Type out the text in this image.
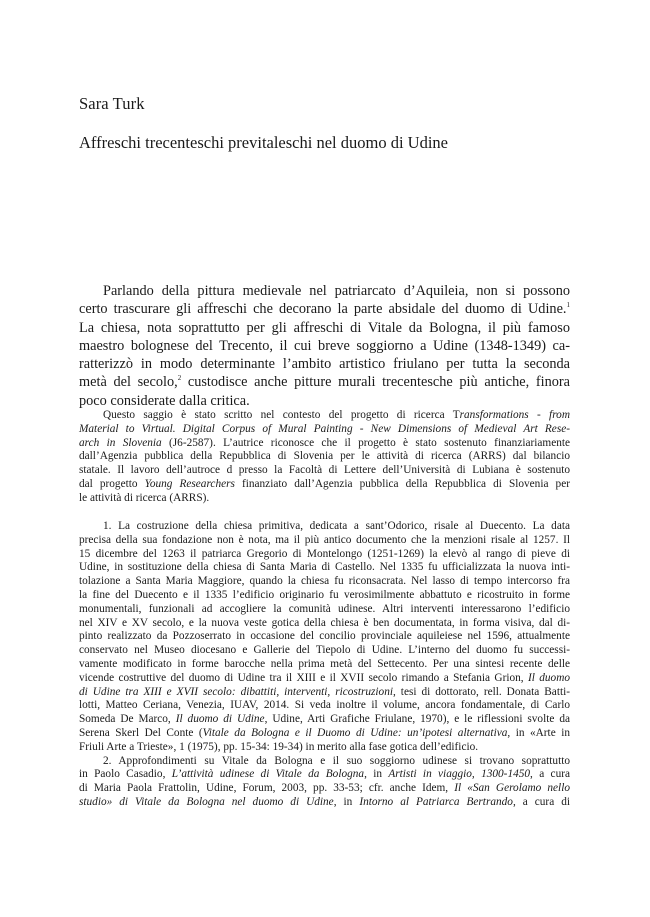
Sara Turk
Affreschi trecenteschi previtaleschi nel duomo di Udine
Parlando della pittura medievale nel patriarcato d’Aquileia, non si possono
certo trascurare gli affreschi che decorano la parte absidale del duomo di Udine.$^1$
La chiesa, nota soprattutto per gli affreschi di Vitale da Bologna, il più famoso
maestro bolognese del Trecento, il cui breve soggiorno a Udine (1348-1349) ca-
ratterizzò in modo determinante l’ambito artistico friulano per tutta la seconda
metà del secolo,$^2$ custodisce anche pitture murali trecentesche più antiche, finora
poco considerate dalla critica.
Questo saggio è stato scritto nel contesto del progetto di ricerca Transformations - from
Material to Virtual. Digital Corpus of Mural Painting - New Dimensions of Medieval Art Rese-
arch in Slovenia (J6-2587). L’autrice riconosce che il progetto è stato sostenuto finanziariamente
dall’Agenzia pubblica della Repubblica di Slovenia per le attività di ricerca (ARRS) dal bilancio
statale. Il lavoro dell’autroce d presso la Facoltà di Lettere dell’Università di Lubiana è sostenuto
dal progetto Young Researchers finanziato dall’Agenzia pubblica della Repubblica di Slovenia per
le attività di ricerca (ARRS).
1. La costruzione della chiesa primitiva, dedicata a sant’Odorico, risale al Duecento. La data
precisa della sua fondazione non è nota, ma il più antico documento che la menzioni risale al 1257. Il
15 dicembre del 1263 il patriarca Gregorio di Montelongo (1251-1269) la elevò al rango di pieve di
Udine, in sostituzione della chiesa di Santa Maria di Castello. Nel 1335 fu ufficializzata la nuova inti-
tolazione a Santa Maria Maggiore, quando la chiesa fu riconsacrata. Nel lasso di tempo intercorso fra
la fine del Duecento e il 1335 l’edificio originario fu verosimilmente abbattuto e ricostruito in forme
monumentali, funzionali ad accogliere la comunità udinese. Altri interventi interessarono l’edificio
nel XIV e XV secolo, e la nuova veste gotica della chiesa è ben documentata, in forma visiva, dal di-
pinto realizzato da Pozzoserrato in occasione del concilio provinciale aquileiese nel 1596, attualmente
conservato nel Museo diocesano e Gallerie del Tiepolo di Udine. L’interno del duomo fu successi-
vamente modificato in forme barocche nella prima metà del Settecento. Per una sintesi recente delle
vicende costruttive del duomo di Udine tra il XIII e il XVII secolo rimando a Stefania Grion, Il duomo
di Udine tra XIII e XVII secolo: dibattiti, interventi, ricostruzioni, tesi di dottorato, rell. Donata Batti-
lotti, Matteo Ceriana, Venezia, IUAV, 2014. Si veda inoltre il volume, ancora fondamentale, di Carlo
Someda De Marco, Il duomo di Udine, Udine, Arti Grafiche Friulane, 1970), e le riflessioni svolte da
Serena Skerl Del Conte (Vitale da Bologna e il Duomo di Udine: un’ipotesi alternativa, in «Arte in
Friuli Arte a Trieste», 1 (1975), pp. 15-34: 19-34) in merito alla fase gotica dell’edificio.
2. Approfondimenti su Vitale da Bologna e il suo soggiorno udinese si trovano soprattutto
in Paolo Casadio, L’attività udinese di Vitale da Bologna, in Artisti in viaggio, 1300-1450, a cura
di Maria Paola Frattolin, Udine, Forum, 2003, pp. 33-53; cfr. anche Idem, Il «San Gerolamo nello
studio» di Vitale da Bologna nel duomo di Udine, in Intorno al Patriarca Bertrando, a cura di
